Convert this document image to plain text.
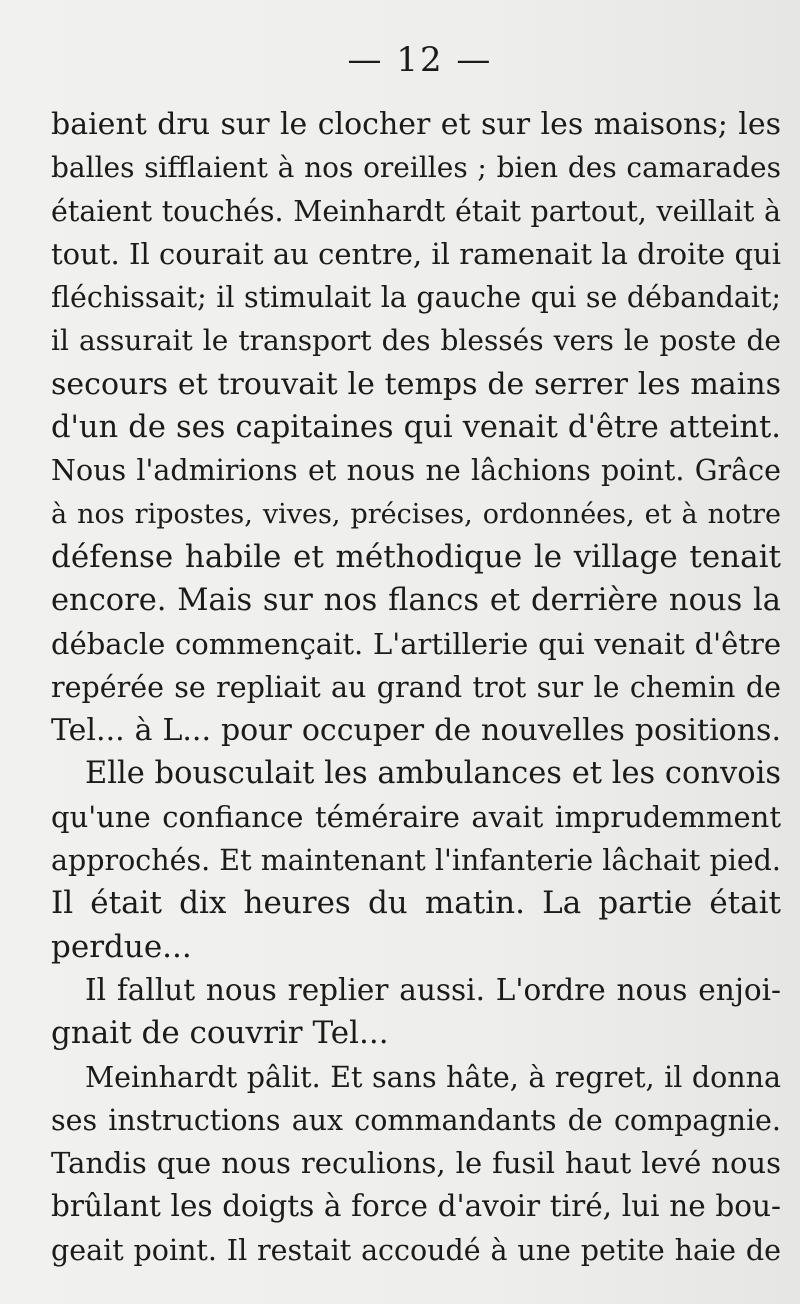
— 12 —
baient dru sur le clocher et sur les maisons; les
balles sifflaient à nos oreilles ; bien des camarades
étaient touchés. Meinhardt était partout, veillait à
tout. Il courait au centre, il ramenait la droite qui
fléchissait; il stimulait la gauche qui se débandait;
il assurait le transport des blessés vers le poste de
secours et trouvait le temps de serrer les mains
d'un de ses capitaines qui venait d'être atteint.
Nous l'admirions et nous ne lâchions point. Grâce
à nos ripostes, vives, précises, ordonnées, et à notre
défense habile et méthodique le village tenait
encore. Mais sur nos flancs et derrière nous la
débacle commençait. L'artillerie qui venait d'être
repérée se repliait au grand trot sur le chemin de
Tel... à L... pour occuper de nouvelles positions.
Elle bousculait les ambulances et les convois
qu'une confiance téméraire avait imprudemment
approchés. Et maintenant l'infanterie lâchait pied.
Il était dix heures du matin. La partie était
perdue...
Il fallut nous replier aussi. L'ordre nous enjoi-
gnait de couvrir Tel...
Meinhardt pâlit. Et sans hâte, à regret, il donna
ses instructions aux commandants de compagnie.
Tandis que nous reculions, le fusil haut levé nous
brûlant les doigts à force d'avoir tiré, lui ne bou-
geait point. Il restait accoudé à une petite haie de
